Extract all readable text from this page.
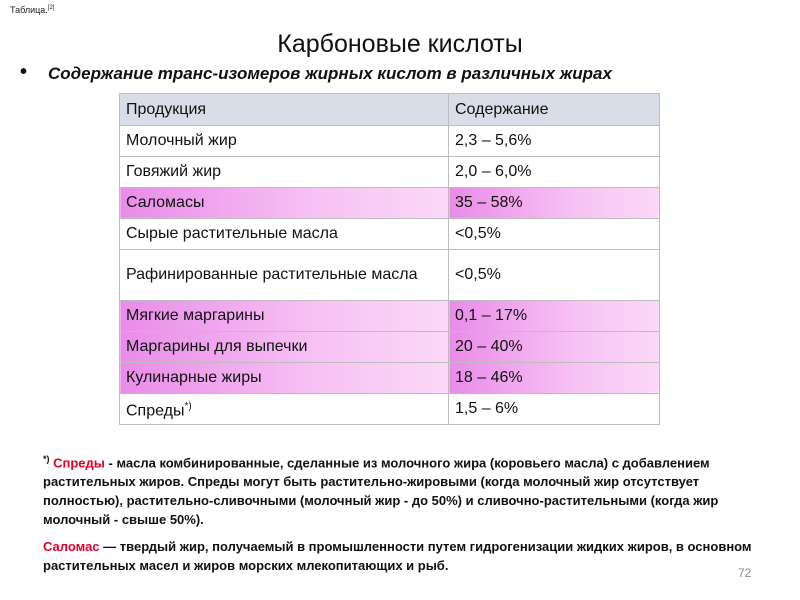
Таблица.[2]
Карбоновые кислоты
• Содержание транс-изомеров жирных кислот в различных жирах
Продукция	Содержание
Молочный жир	2,3 – 5,6%
Говяжий жир	2,0 – 6,0%
Саломасы	35 – 58%
Сырые растительные масла	<0,5%
Рафинированные растительные масла	<0,5%
Мягкие маргарины	0,1 – 17%
Маргарины для выпечки	20 – 40%
Кулинарные жиры	18 – 46%
Спреды*)	1,5 – 6%
*) Спреды - масла комбинированные, сделанные из молочного жира (коровьего масла) с добавлением растительных жиров. Спреды могут быть растительно-жировыми (когда молочный жир отсутствует полностью), растительно-сливочными (молочный жир - до 50%) и сливочно-растительными (когда жир молочный - свыше 50%).
Саломас — твердый жир, получаемый в промышленности путем гидрогенизации жидких жиров, в основном растительных масел и жиров морских млекопитающих и рыб.	72
